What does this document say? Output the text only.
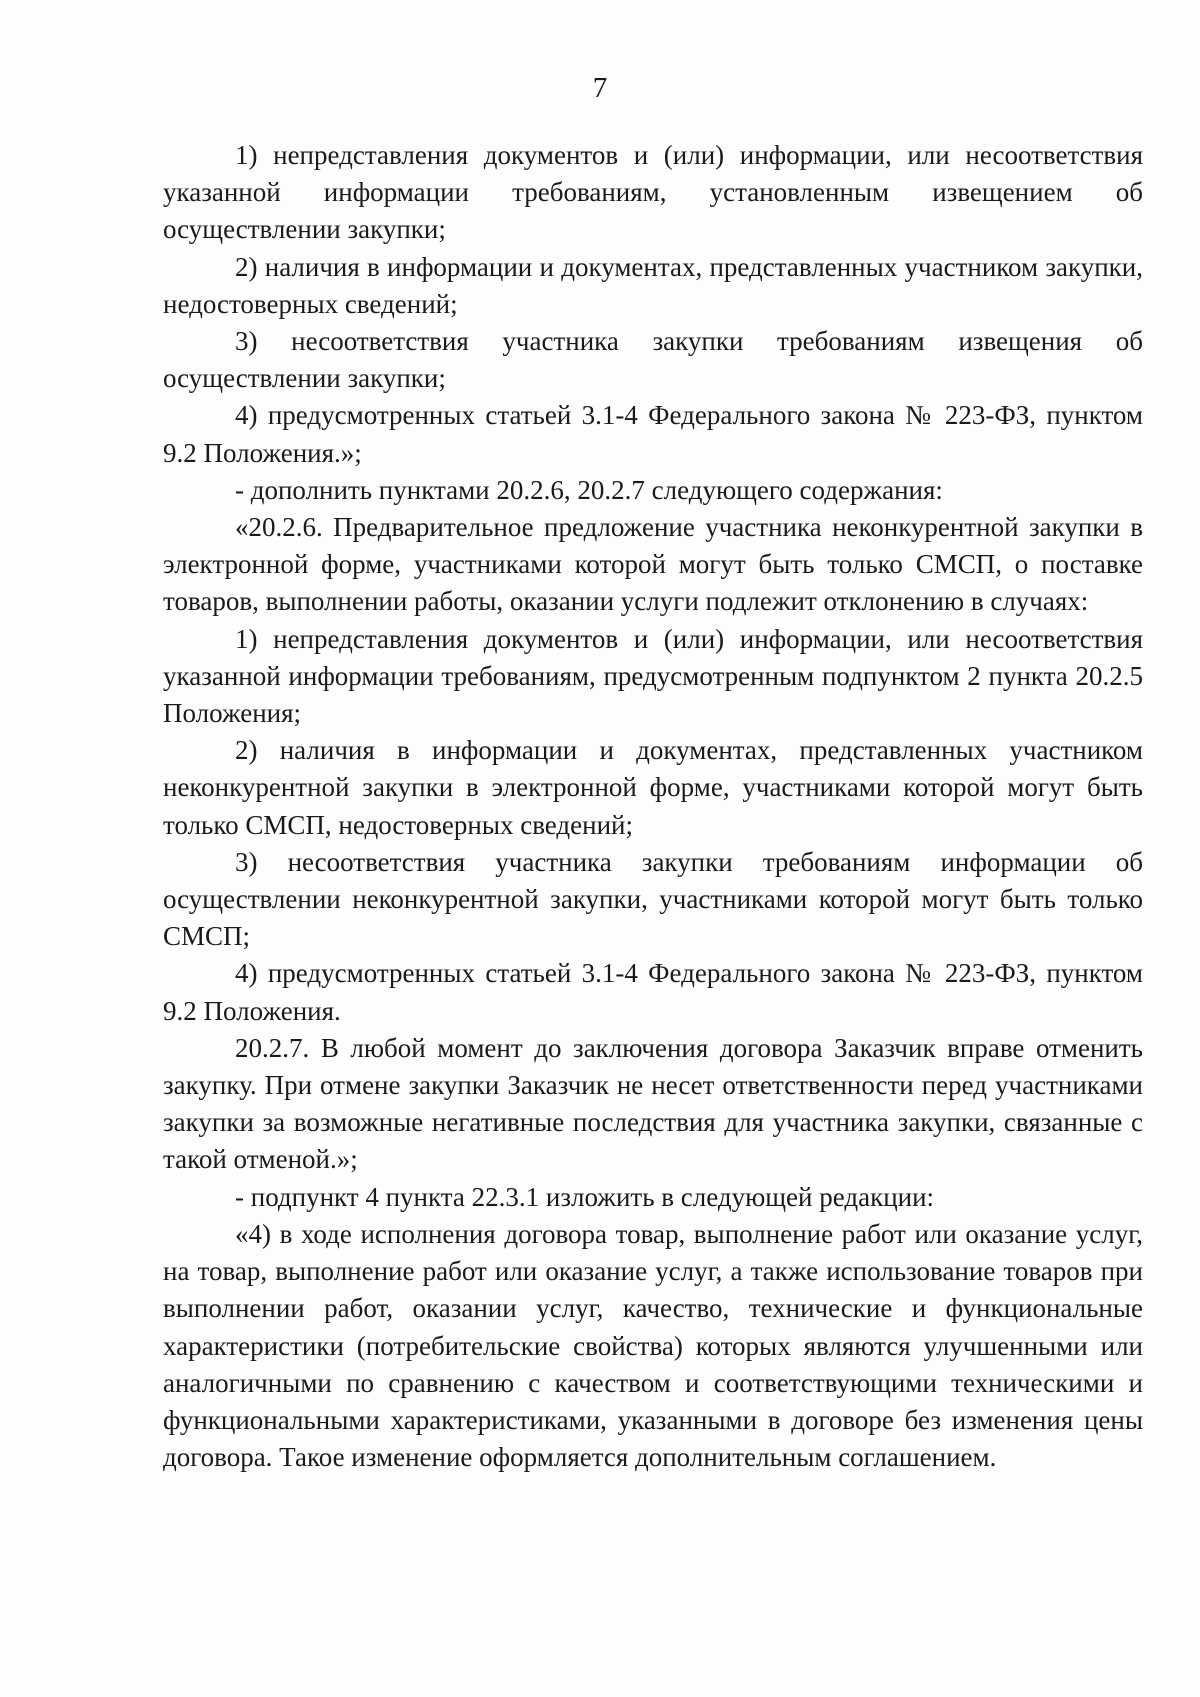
7

1) непредставления документов и (или) информации, или несоответствия указанной информации требованиям, установленным извещением об осуществлении закупки;

2) наличия в информации и документах, представленных участником закупки, недостоверных сведений;

3) несоответствия участника закупки требованиям извещения об осуществлении закупки;

4) предусмотренных статьей 3.1-4 Федерального закона № 223-ФЗ, пунктом 9.2 Положения.»;

- дополнить пунктами 20.2.6, 20.2.7 следующего содержания:

«20.2.6. Предварительное предложение участника неконкурентной закупки в электронной форме, участниками которой могут быть только СМСП, о поставке товаров, выполнении работы, оказании услуги подлежит отклонению в случаях:

1) непредставления документов и (или) информации, или несоответствия указанной информации требованиям, предусмотренным подпунктом 2 пункта 20.2.5 Положения;

2) наличия в информации и документах, представленных участником неконкурентной закупки в электронной форме, участниками которой могут быть только СМСП, недостоверных сведений;

3) несоответствия участника закупки требованиям информации об осуществлении неконкурентной закупки, участниками которой могут быть только СМСП;

4) предусмотренных статьей 3.1-4 Федерального закона № 223-ФЗ, пунктом 9.2 Положения.

20.2.7. В любой момент до заключения договора Заказчик вправе отменить закупку. При отмене закупки Заказчик не несет ответственности перед участниками закупки за возможные негативные последствия для участника закупки, связанные с такой отменой.»;

- подпункт 4 пункта 22.3.1 изложить в следующей редакции:

«4) в ходе исполнения договора товар, выполнение работ или оказание услуг, на товар, выполнение работ или оказание услуг, а также использование товаров при выполнении работ, оказании услуг, качество, технические и функциональные характеристики (потребительские свойства) которых являются улучшенными или аналогичными по сравнению с качеством и соответствующими техническими и функциональными характеристиками, указанными в договоре без изменения цены договора. Такое изменение оформляется дополнительным соглашением.
